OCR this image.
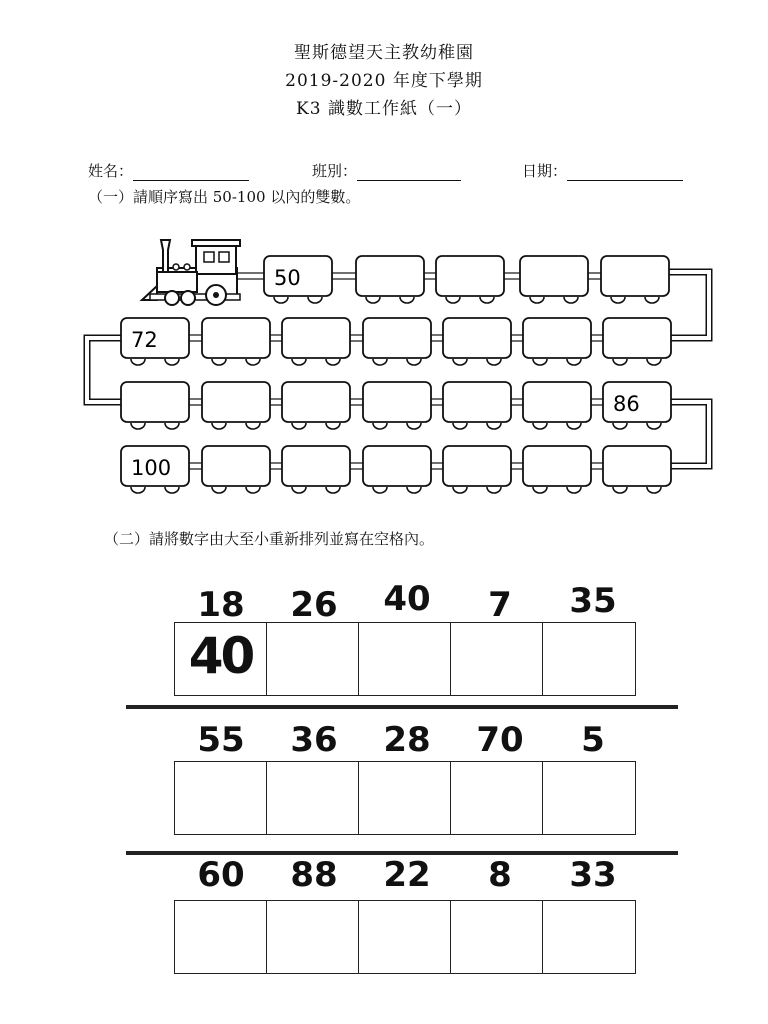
聖斯德望天主教幼稚園
2019-2020 年度下學期
K3 識數工作紙（一）
姓名：	班別：	日期：
（一）請順序寫出 50-100 以內的雙數。
50
72
86
100
（二）請將數字由大至小重新排列並寫在空格內。
18	26	40	7	35
40
55	36	28	70	5
60	88	22	8	33
